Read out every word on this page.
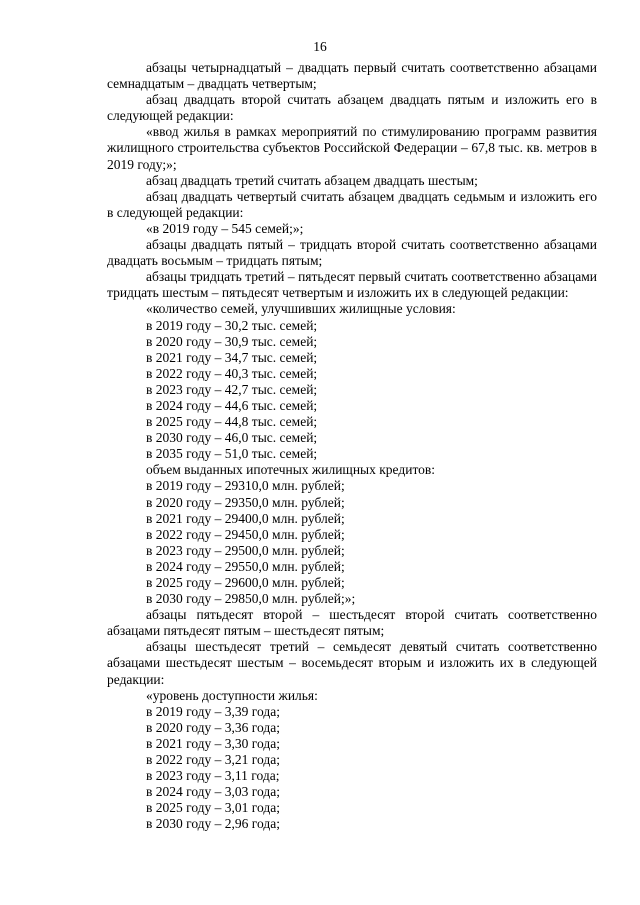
16

абзацы четырнадцатый – двадцать первый считать соответственно абзацами семнадцатым – двадцать четвертым;

абзац двадцать второй считать абзацем двадцать пятым и изложить его в следующей редакции:

«ввод жилья в рамках мероприятий по стимулированию программ развития жилищного строительства субъектов Российской Федерации – 67,8 тыс. кв. метров в 2019 году;»;

абзац двадцать третий считать абзацем двадцать шестым;

абзац двадцать четвертый считать абзацем двадцать седьмым и изложить его в следующей редакции:

«в 2019 году – 545 семей;»;

абзацы двадцать пятый – тридцать второй считать соответственно абзацами двадцать восьмым – тридцать пятым;

абзацы тридцать третий – пятьдесят первый считать соответственно абзацами тридцать шестым – пятьдесят четвертым и изложить их в следующей редакции:

«количество семей, улучшивших жилищные условия:

в 2019 году – 30,2 тыс. семей;

в 2020 году – 30,9 тыс. семей;

в 2021 году – 34,7 тыс. семей;

в 2022 году – 40,3 тыс. семей;

в 2023 году – 42,7 тыс. семей;

в 2024 году – 44,6 тыс. семей;

в 2025 году – 44,8 тыс. семей;

в 2030 году – 46,0 тыс. семей;

в 2035 году – 51,0 тыс. семей;

объем выданных ипотечных жилищных кредитов:

в 2019 году – 29310,0 млн. рублей;

в 2020 году – 29350,0 млн. рублей;

в 2021 году – 29400,0 млн. рублей;

в 2022 году – 29450,0 млн. рублей;

в 2023 году – 29500,0 млн. рублей;

в 2024 году – 29550,0 млн. рублей;

в 2025 году – 29600,0 млн. рублей;

в 2030 году – 29850,0 млн. рублей;»;

абзацы пятьдесят второй – шестьдесят второй считать соответственно абзацами пятьдесят пятым – шестьдесят пятым;

абзацы шестьдесят третий – семьдесят девятый считать соответственно абзацами шестьдесят шестым – восемьдесят вторым и изложить их в следующей редакции:

«уровень доступности жилья:

в 2019 году – 3,39 года;

в 2020 году – 3,36 года;

в 2021 году – 3,30 года;

в 2022 году – 3,21 года;

в 2023 году – 3,11 года;

в 2024 году – 3,03 года;

в 2025 году – 3,01 года;

в 2030 году – 2,96 года;
